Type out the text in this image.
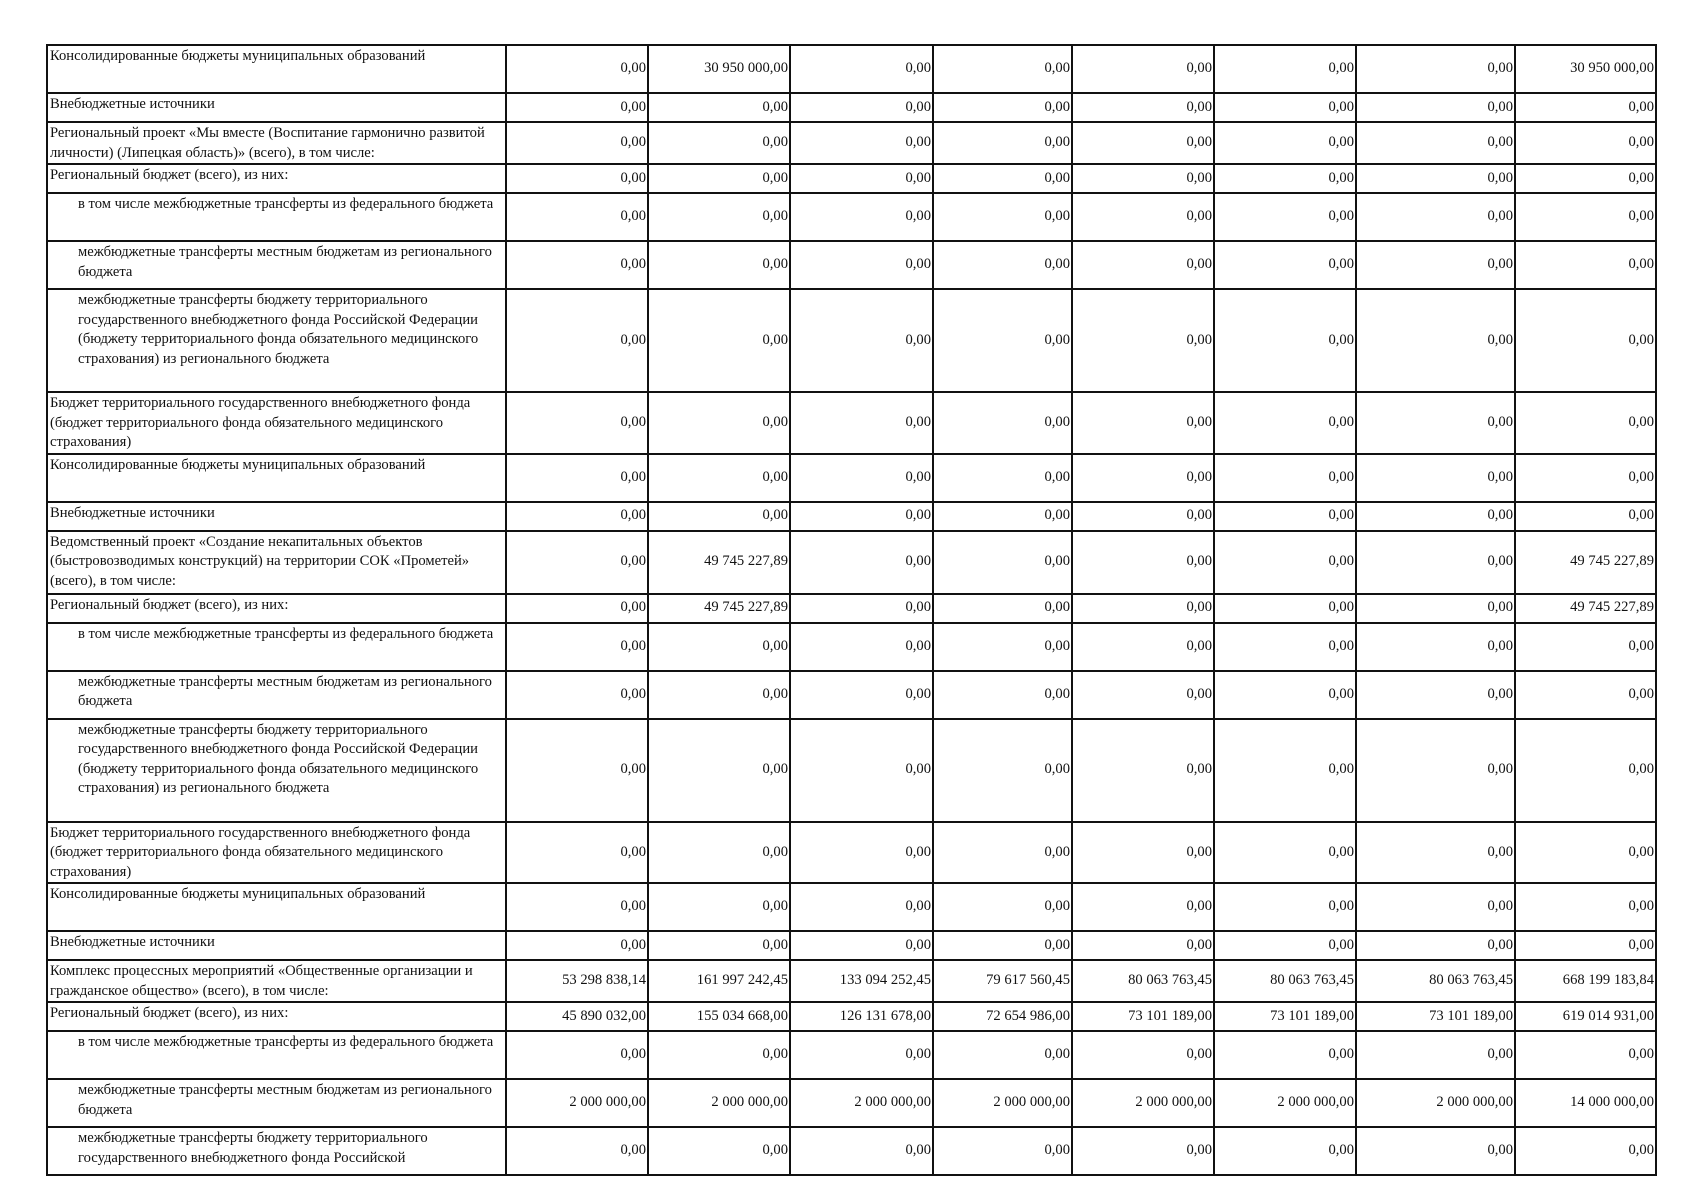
Консолидированные бюджеты муниципальных образований	0,00	30 950 000,00	0,00	0,00	0,00	0,00	0,00	30 950 000,00
Внебюджетные источники	0,00	0,00	0,00	0,00	0,00	0,00	0,00	0,00
Региональный проект «Мы вместе (Воспитание гармонично развитой личности) (Липецкая область)» (всего), в том числе:	0,00	0,00	0,00	0,00	0,00	0,00	0,00	0,00
Региональный бюджет (всего), из них:	0,00	0,00	0,00	0,00	0,00	0,00	0,00	0,00
в том числе межбюджетные трансферты из федерального бюджета	0,00	0,00	0,00	0,00	0,00	0,00	0,00	0,00
межбюджетные трансферты местным бюджетам из регионального бюджета	0,00	0,00	0,00	0,00	0,00	0,00	0,00	0,00
межбюджетные трансферты бюджету территориального государственного внебюджетного фонда Российской Федерации (бюджету территориального фонда обязательного медицинского страхования) из регионального бюджета	0,00	0,00	0,00	0,00	0,00	0,00	0,00	0,00
Бюджет территориального государственного внебюджетного фонда (бюджет территориального фонда обязательного медицинского страхования)	0,00	0,00	0,00	0,00	0,00	0,00	0,00	0,00
Консолидированные бюджеты муниципальных образований	0,00	0,00	0,00	0,00	0,00	0,00	0,00	0,00
Внебюджетные источники	0,00	0,00	0,00	0,00	0,00	0,00	0,00	0,00
Ведомственный проект «Создание некапитальных объектов (быстровозводимых конструкций) на территории СОК «Прометей» (всего), в том числе:	0,00	49 745 227,89	0,00	0,00	0,00	0,00	0,00	49 745 227,89
Региональный бюджет (всего), из них:	0,00	49 745 227,89	0,00	0,00	0,00	0,00	0,00	49 745 227,89
в том числе межбюджетные трансферты из федерального бюджета	0,00	0,00	0,00	0,00	0,00	0,00	0,00	0,00
межбюджетные трансферты местным бюджетам из регионального бюджета	0,00	0,00	0,00	0,00	0,00	0,00	0,00	0,00
межбюджетные трансферты бюджету территориального государственного внебюджетного фонда Российской Федерации (бюджету территориального фонда обязательного медицинского страхования) из регионального бюджета	0,00	0,00	0,00	0,00	0,00	0,00	0,00	0,00
Бюджет территориального государственного внебюджетного фонда (бюджет территориального фонда обязательного медицинского страхования)	0,00	0,00	0,00	0,00	0,00	0,00	0,00	0,00
Консолидированные бюджеты муниципальных образований	0,00	0,00	0,00	0,00	0,00	0,00	0,00	0,00
Внебюджетные источники	0,00	0,00	0,00	0,00	0,00	0,00	0,00	0,00
Комплекс процессных мероприятий «Общественные организации и гражданское общество» (всего), в том числе:	53 298 838,14	161 997 242,45	133 094 252,45	79 617 560,45	80 063 763,45	80 063 763,45	80 063 763,45	668 199 183,84
Региональный бюджет (всего), из них:	45 890 032,00	155 034 668,00	126 131 678,00	72 654 986,00	73 101 189,00	73 101 189,00	73 101 189,00	619 014 931,00
в том числе межбюджетные трансферты из федерального бюджета	0,00	0,00	0,00	0,00	0,00	0,00	0,00	0,00
межбюджетные трансферты местным бюджетам из регионального бюджета	2 000 000,00	2 000 000,00	2 000 000,00	2 000 000,00	2 000 000,00	2 000 000,00	2 000 000,00	14 000 000,00
межбюджетные трансферты бюджету территориального государственного внебюджетного фонда Российской	0,00	0,00	0,00	0,00	0,00	0,00	0,00	0,00
